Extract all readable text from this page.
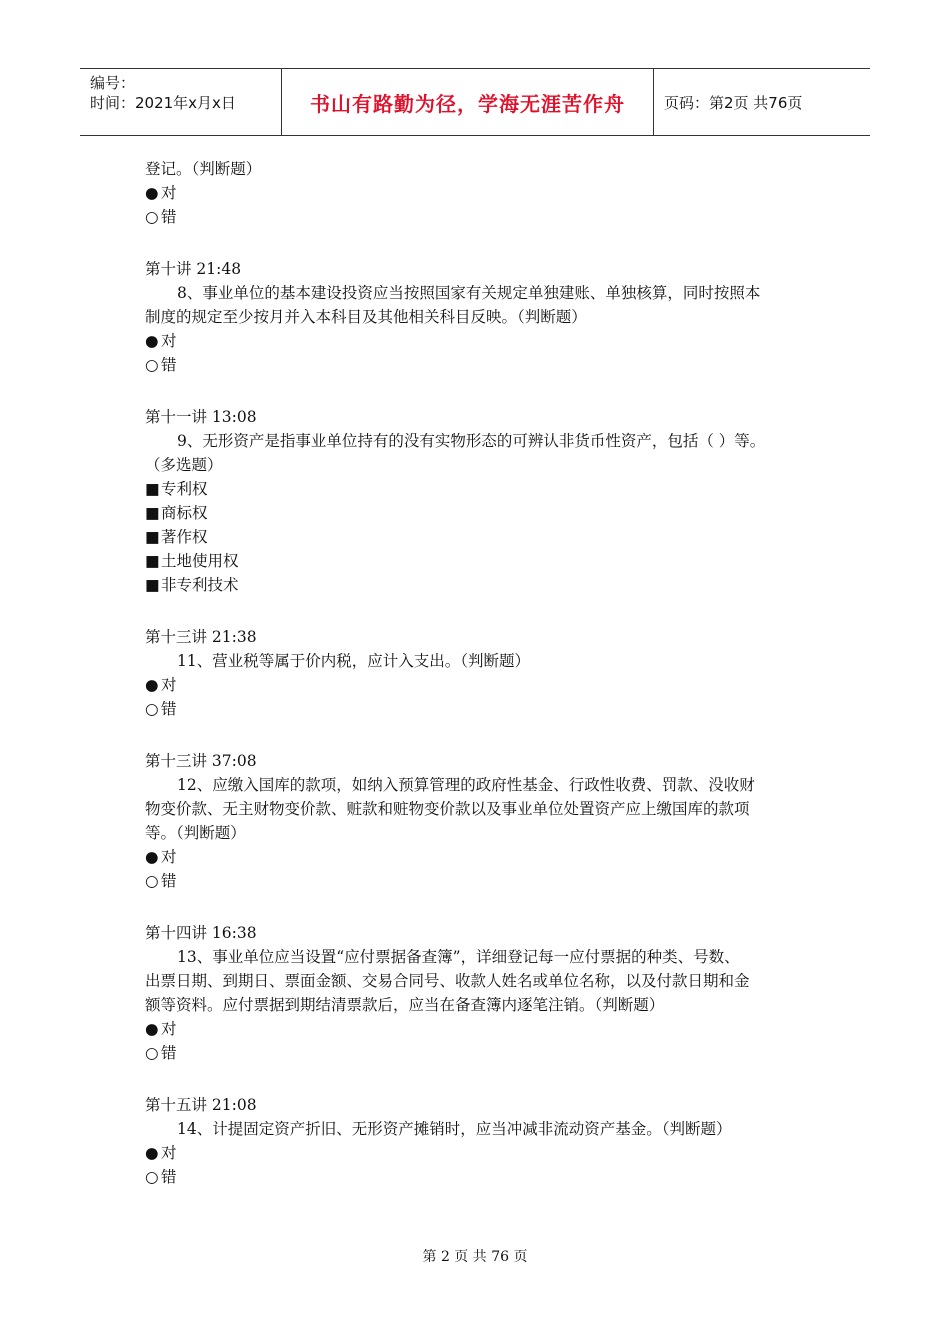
编号：
时间：2021年x月x日	书山有路勤为径，学海无涯苦作舟	页码：第2页 共76页
登记。（判断题）
● 对
○ 错
第十讲 21:48
8、事业单位的基本建设投资应当按照国家有关规定单独建账、单独核算，同时按照本
制度的规定至少按月并入本科目及其他相关科目反映。（判断题）
● 对
○ 错
第十一讲 13:08
9、无形资产是指事业单位持有的没有实物形态的可辨认非货币性资产，包括（ ）等。
（多选题）
■专利权
■商标权
■著作权
■土地使用权
■非专利技术
第十三讲 21:38
11、营业税等属于价内税，应计入支出。（判断题）
● 对
○ 错
第十三讲 37:08
12、应缴入国库的款项，如纳入预算管理的政府性基金、行政性收费、罚款、没收财
物变价款、无主财物变价款、赃款和赃物变价款以及事业单位处置资产应上缴国库的款项
等。（判断题）
● 对
○ 错
第十四讲 16:38
13、事业单位应当设置“应付票据备查簿”，详细登记每一应付票据的种类、号数、
出票日期、到期日、票面金额、交易合同号、收款人姓名或单位名称，以及付款日期和金
额等资料。应付票据到期结清票款后，应当在备查簿内逐笔注销。（判断题）
● 对
○ 错
第十五讲 21:08
14、计提固定资产折旧、无形资产摊销时，应当冲减非流动资产基金。（判断题）
● 对
○ 错
第 2 页 共 76 页
